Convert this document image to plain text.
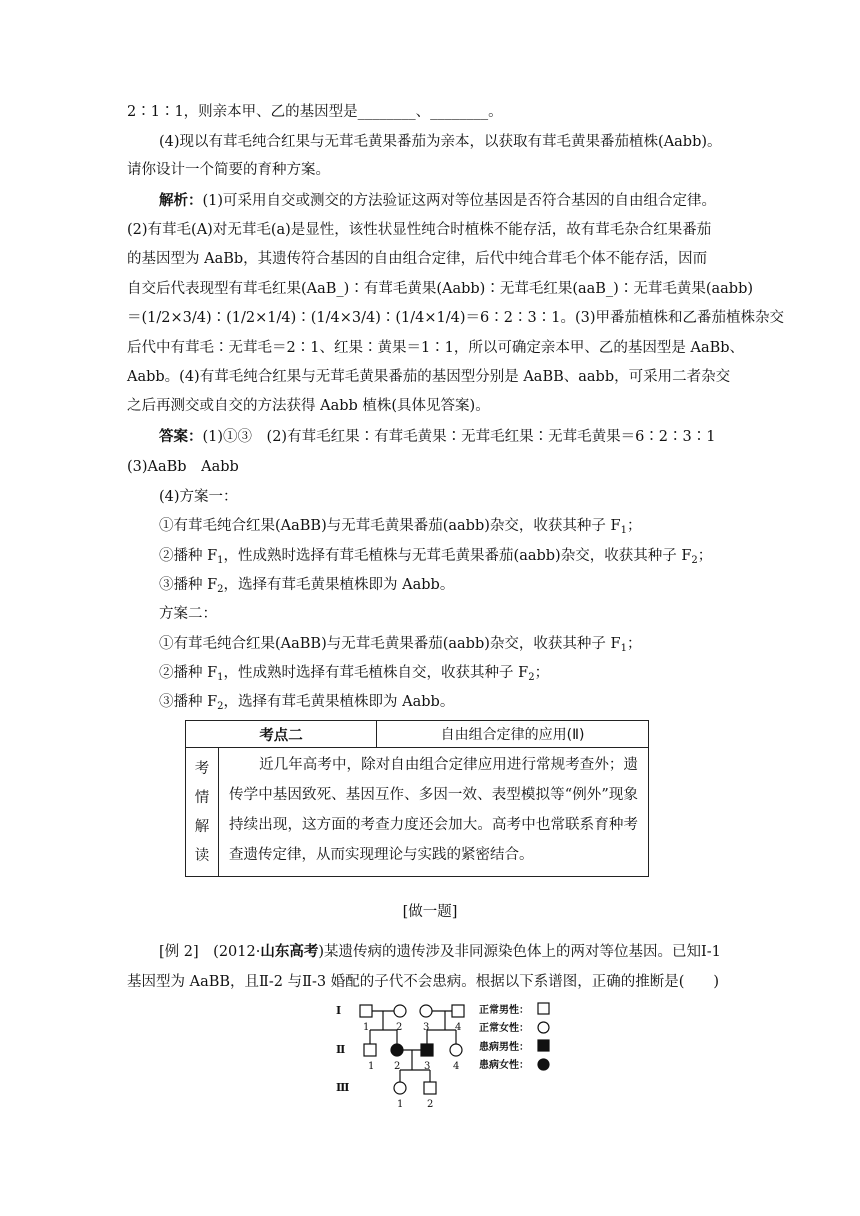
2∶1∶1，则亲本甲、乙的基因型是________、________。
(4)现以有茸毛纯合红果与无茸毛黄果番茄为亲本，以获取有茸毛黄果番茄植株(Aabb)。
请你设计一个简要的育种方案。
解析：(1)可采用自交或测交的方法验证这两对等位基因是否符合基因的自由组合定律。
(2)有茸毛(A)对无茸毛(a)是显性，该性状显性纯合时植株不能存活，故有茸毛杂合红果番茄
的基因型为 AaBb，其遗传符合基因的自由组合定律，后代中纯合茸毛个体不能存活，因而
自交后代表现型有茸毛红果(AaB_)∶有茸毛黄果(Aabb)∶无茸毛红果(aaB_)∶无茸毛黄果(aabb)
＝(1/2×3/4)∶(1/2×1/4)∶(1/4×3/4)∶(1/4×1/4)＝6∶2∶3∶1。(3)甲番茄植株和乙番茄植株杂交
后代中有茸毛∶无茸毛＝2∶1、红果∶黄果＝1∶1，所以可确定亲本甲、乙的基因型是 AaBb、
Aabb。(4)有茸毛纯合红果与无茸毛黄果番茄的基因型分别是 AaBB、aabb，可采用二者杂交
之后再测交或自交的方法获得 Aabb 植株(具体见答案)。
答案：(1)①③　(2)有茸毛红果∶有茸毛黄果∶无茸毛红果∶无茸毛黄果＝6∶2∶3∶1
(3)AaBb　Aabb
(4)方案一：
①有茸毛纯合红果(AaBB)与无茸毛黄果番茄(aabb)杂交，收获其种子 $F_1$；
②播种 $F_1$，性成熟时选择有茸毛植株与无茸毛黄果番茄(aabb)杂交，收获其种子 $F_2$；
③播种 $F_2$，选择有茸毛黄果植株即为 Aabb。
方案二：
①有茸毛纯合红果(AaBB)与无茸毛黄果番茄(aabb)杂交，收获其种子 $F_1$；
②播种 $F_1$，性成熟时选择有茸毛植株自交，收获其种子 $F_2$；
③播种 $F_2$，选择有茸毛黄果植株即为 Aabb。
考点二		自由组合定律的应用(Ⅱ)

考
情
解
读	近几年高考中，除对自由组合定律应用进行常规考查外；遗传学中基因致死、基因互作、多因一效、表型模拟等“例外”现象持续出现，这方面的考查力度还会加大。高考中也常联系育种考查遗传定律，从而实现理论与实践的紧密结合。	
[做一题]
[例 2]　 (2012·山东高考)某遗传病的遗传涉及非同源染色体上的两对等位基因。已知Ⅰ-1
基因型为 AaBB，且Ⅱ-2 与Ⅱ-3 婚配的子代不会患病。根据以下系谱图，正确的推断是(　　)
Ⅰ
Ⅱ
Ⅲ
1	2 3	4
1 2 3 4
1 2
正常男性：
正常女性：
患病男性：
患病女性：
